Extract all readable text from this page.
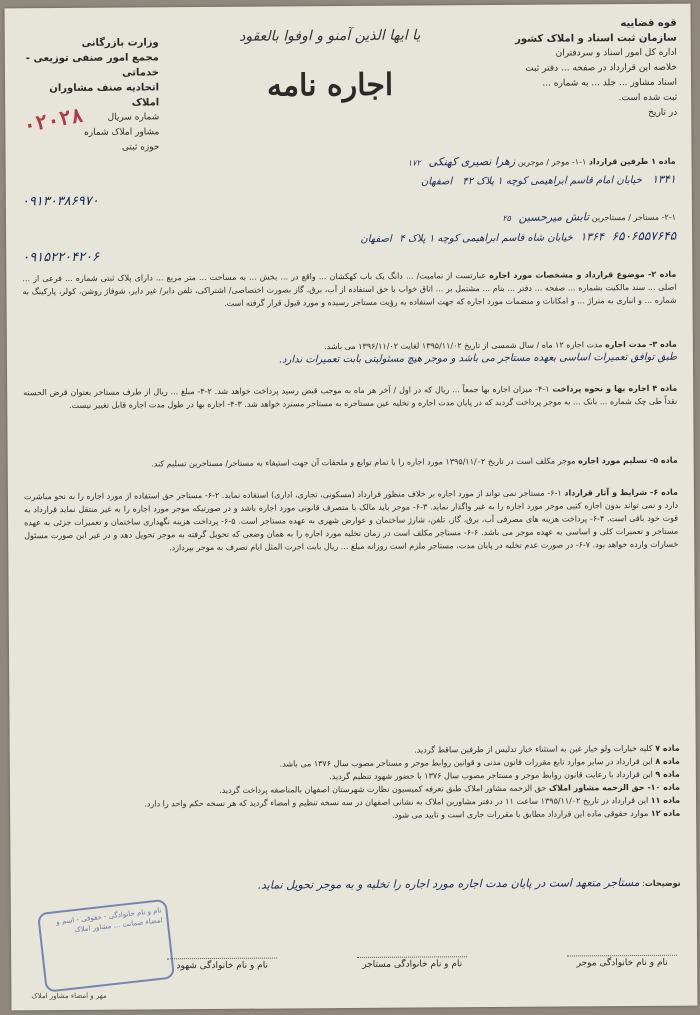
قوه قضاییه
سازمان ثبت اسناد و املاک کشور
اداره کل امور اسناد و سردفتران
خلاصه این قرارداد در صفحه ... دفتر ثبت
اسناد مشاور ... جلد ... به شماره ...
ثبت شده است.
در تاریخ
وزارت بازرگانی
مجمع امور صنفی توزیعی - خدماتی
اتحادیه صنف مشاوران املاک
شماره سریال
مشاور املاک شماره
حوزه ثبتی
۰۲۰۲۸
یا ایها الذین آمنو و اوفوا بالعقود
اجاره نامه
ماده ۱ طرفین قرارداد ۱-۱- موجر / موجرین زهرا نصیری کهنکی   ۱۷۲
۱۳۴۱    خیابان امام قاسم ابراهیمی کوچه ۱ پلاک ۴۲    اصفهان
۰۹۱۳۰۳۸۶۹۷۰
۲-۱- مستاجر / مستاجرین تابش میرحسین   ۲۵
۶۵۰۶۵۵۷۶۴۵   ۱۳۶۴   خیابان شاه قاسم ابراهیمی کوچه ۱ پلاک ۴   اصفهان
۰۹۱۵۲۲۰۴۲۰۶
ماده ۲- موضوع قرارداد و مشخصات مورد اجاره عبارتست از تمامیت/ ... دانگ یک باب کهکشان ... واقع در ... بخش ... به مساحت ... متر مربع ... دارای پلاک ثبتی شماره ... فرعی از ... اصلی ... سند مالکیت بشماره ... صفحه ... دفتر ... بنام ... مشتمل بر ... اتاق خواب با حق استفاده از آب، برق، گاز بصورت اختصاصی/ اشتراکی، تلفن دایر/ غیر دایر، شوفاژ روشن، کولر، پارکینگ به شماره ... و انباری به متراژ ... و امکانات و منضمات مورد اجاره که جهت استفاده به رؤیت مستاجر رسیده و مورد قبول قرار گرفته است.
ماده ۳- مدت اجاره مدت اجاره ۱۲ ماه / سال شمسی از تاریخ ۱۳۹۵/۱۱/۰۲ لغایت ۱۳۹۶/۱۱/۰۲ می باشد.
طبق توافق تعمیرات اساسی بعهده مستاجر می باشد و موجر هیچ مسئولیتی بابت تعمیرات ندارد.
ماده ۴ اجاره بها و نحوه پرداخت ۱-۴- میزان اجاره بها جمعاً ... ریال که در اول / آخر هر ماه به موجب قبض رسید پرداخت خواهد شد. ۲-۴- مبلغ ... ریال از طرف مستاجر بعنوان قرض الحسنه نقداً طی چک شماره ... بانک ... به موجر پرداخت گردید که در پایان مدت اجاره و تخلیه عین مستاجره به مستاجر مسترد خواهد شد. ۳-۴- اجاره بها در طول مدت اجاره قابل تغییر نیست.
ماده ۵- تسلیم مورد اجاره موجر مکلف است در تاریخ ۱۳۹۵/۱۱/۰۲ مورد اجاره را با تمام توابع و ملحقات آن جهت استیفاء به مستاجر/ مستاجرین تسلیم کند.
ماده ۶- شرایط و آثار قرارداد ۱-۶- مستاجر نمی تواند از مورد اجاره بر خلاف منظور قرارداد (مسکونی، تجاری، اداری) استفاده نماید. ۲-۶- مستاجر حق استفاده از مورد اجاره را به نحو مباشرت دارد و نمی تواند بدون اجازه کتبی موجر مورد اجاره را به غیر واگذار نماید. ۳-۶- موجر باید مالک یا متصرف قانونی مورد اجاره باشد و در صورتیکه موجر مورد اجاره را به غیر منتقل نماید قرارداد به قوت خود باقی است. ۴-۶- پرداخت هزینه های مصرفی آب، برق، گاز، تلفن، شارژ ساختمان و عوارض شهری به عهده مستاجر است. ۵-۶- پرداخت هزینه نگهداری ساختمان و تعمیرات جزئی به عهده مستاجر و تعمیرات کلی و اساسی به عهده موجر می باشد. ۶-۶- مستاجر مکلف است در زمان تخلیه مورد اجاره را به همان وضعی که تحویل گرفته به موجر تحویل دهد و در غیر این صورت مسئول خسارات وارده خواهد بود. ۷-۶- در صورت عدم تخلیه در پایان مدت، مستاجر ملزم است روزانه مبلغ ... ریال بابت اجرت المثل ایام تصرف به موجر بپردازد.
ماده ۷ کلیه خیارات ولو خیار غبن به استثناء خیار تدلیس از طرفین ساقط گردید.
ماده ۸ این قرارداد در سایر موارد تابع مقررات قانون مدنی و قوانین روابط موجر و مستاجر مصوب سال ۱۳۷۶ می باشد.
ماده ۹ این قرارداد با رعایت قانون روابط موجر و مستاجر مصوب سال ۱۳۷۶ با حضور شهود تنظیم گردید.
ماده ۱۰- حق الزحمه مشاور املاک حق الزحمه مشاور املاک طبق تعرفه کمیسیون نظارت شهرستان اصفهان بالمناصفه پرداخت گردید.
ماده ۱۱ این قرارداد در تاریخ ۱۳۹۵/۱۱/۰۲ ساعت ۱۱ در دفتر مشاورین املاک به نشانی اصفهان در سه نسخه تنظیم و امضاء گردید که هر نسخه حکم واحد را دارد.
ماده ۱۲ موارد حقوقی ماده این قرارداد مطابق با مقررات جاری است و تایید می شود.
توضیحات: مستاجر متعهد است در پایان مدت اجاره مورد اجاره را تخلیه و به موجر تحویل نماید.
نام و نام خانوادگی - حقوقی - اسم و امضاء ضمانت ... مشاور املاک
نام و نام خانوادگی موجر
نام و نام خانوادگی مستاجر
نام و نام خانوادگی شهود
مهر و امضاء مشاور املاک
